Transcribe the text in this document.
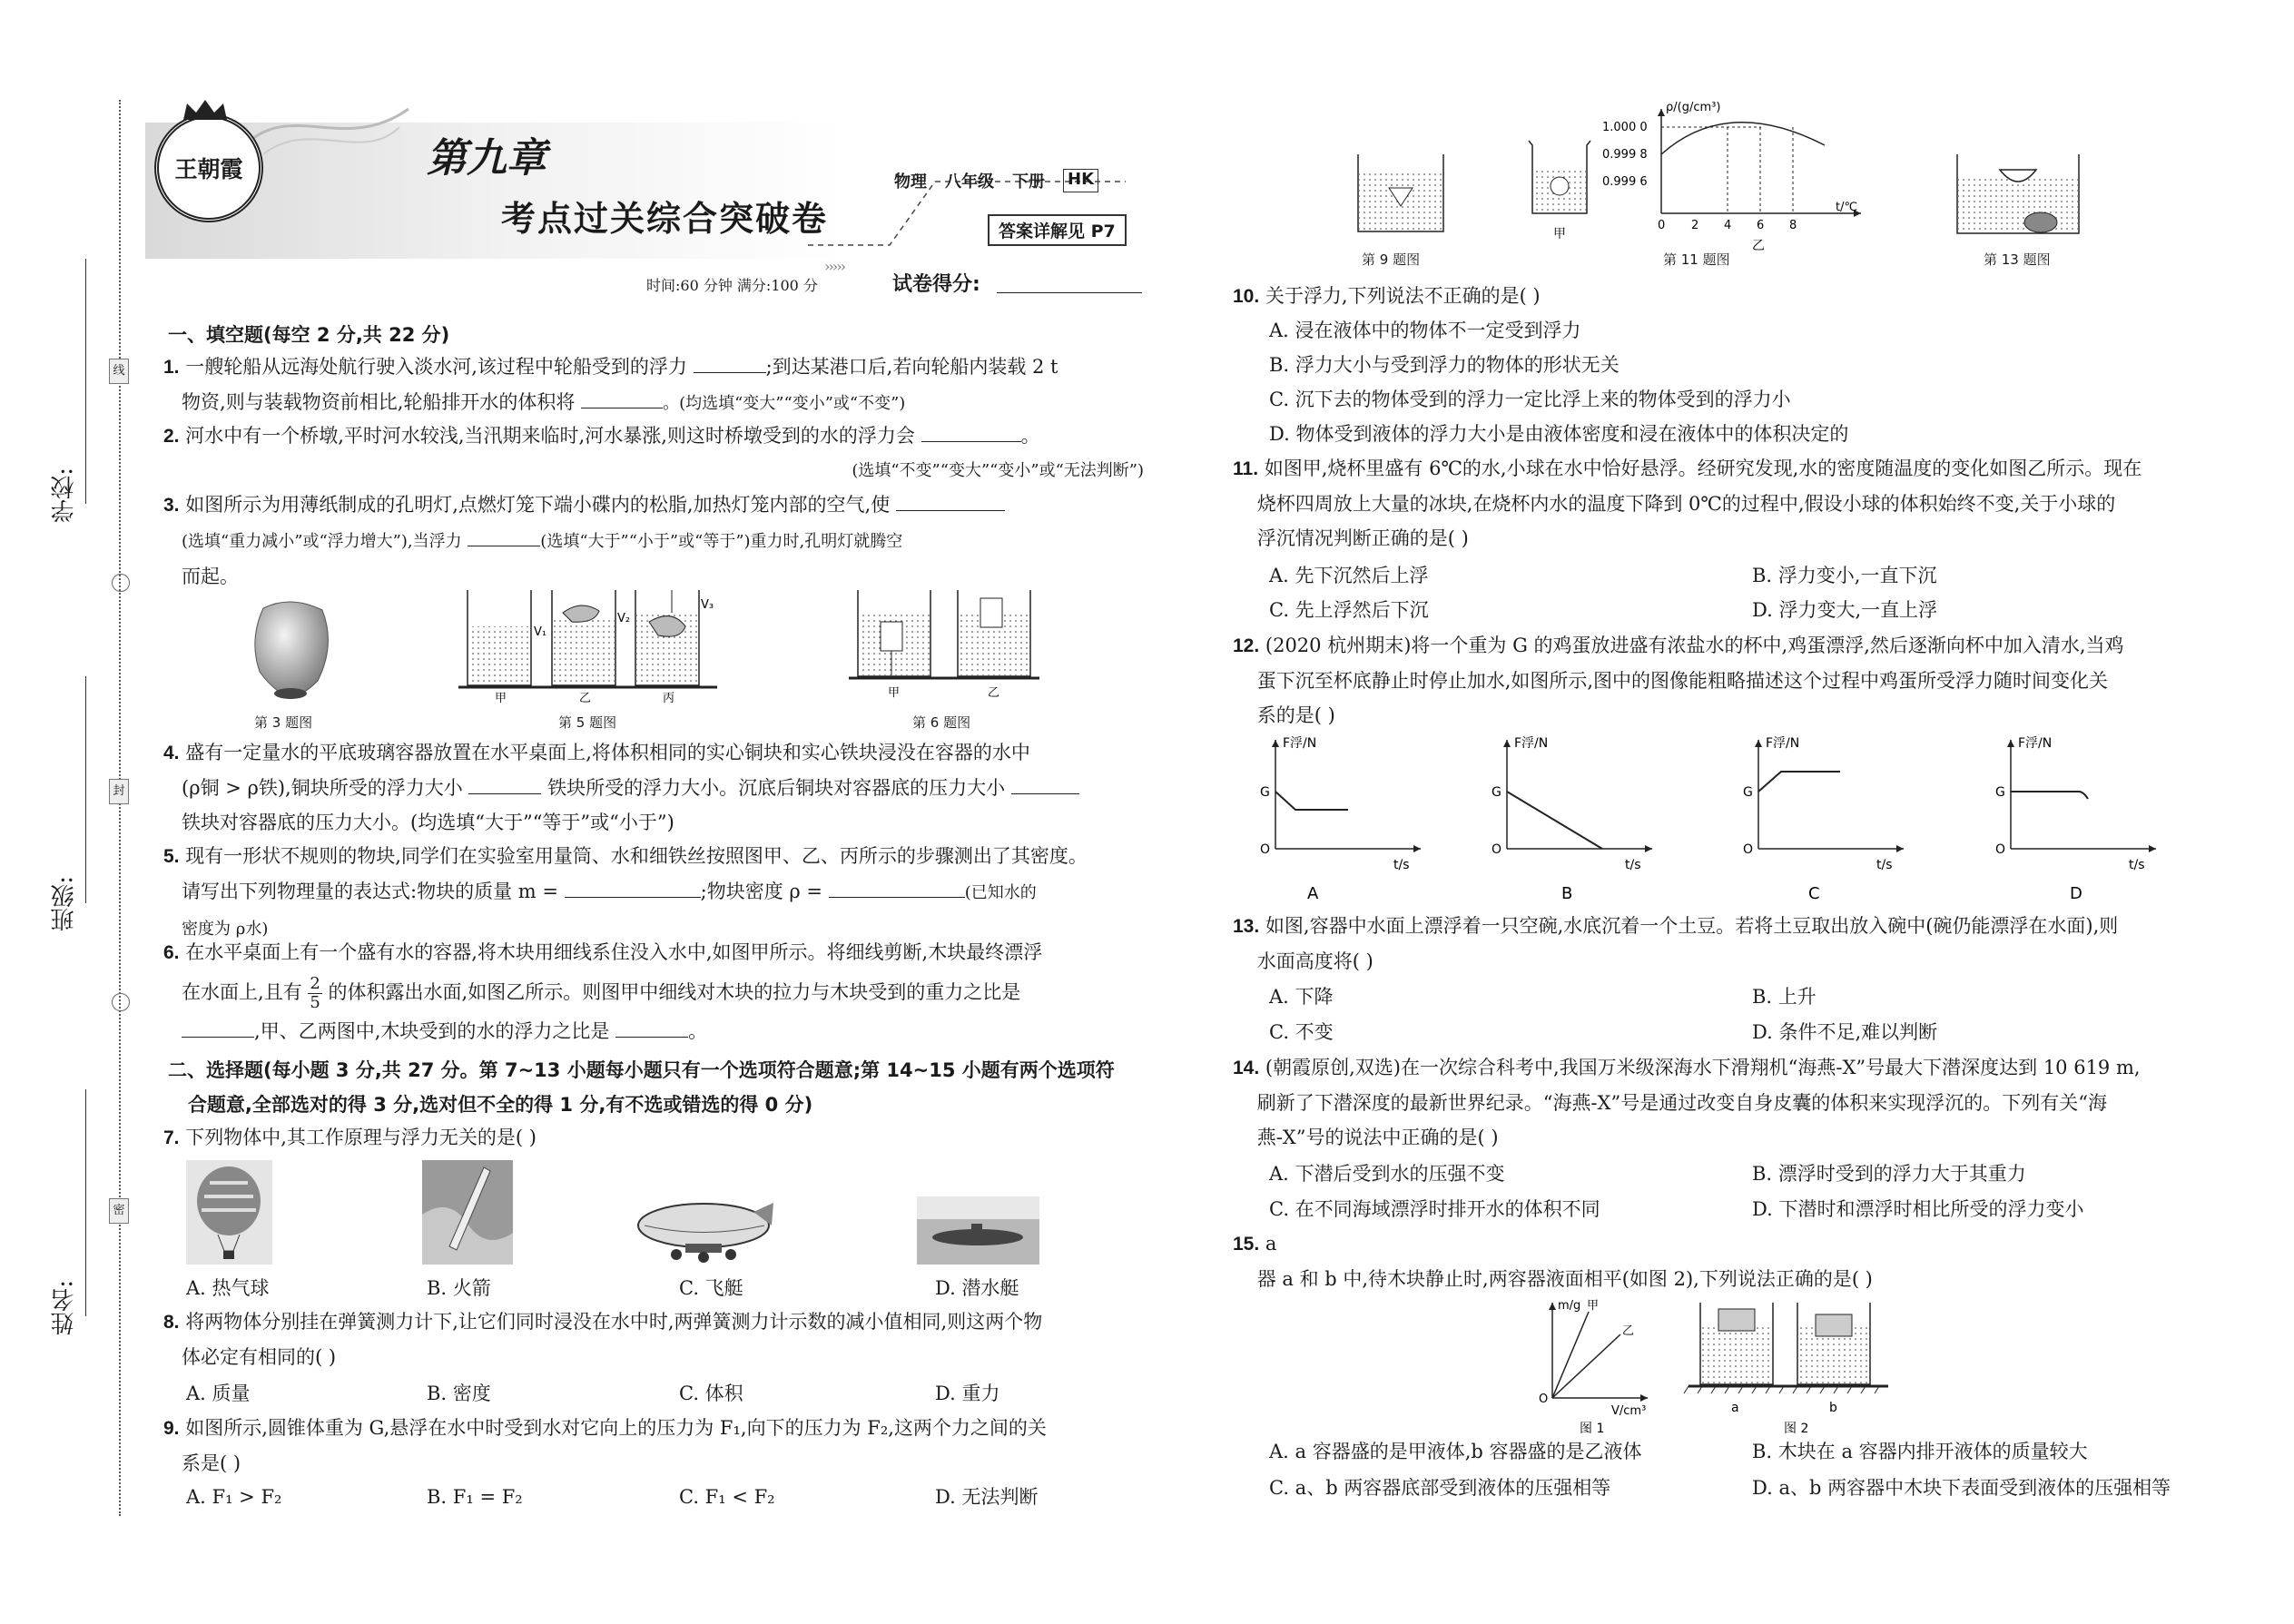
学校:
班级:
姓名:
线
封
密
王朝霞	第九章
考点过关综合突破卷
物理 八年级 下册 HK
答案详解见 P7
›››››
时间:60 分钟 满分:100 分	试卷得分:
一、填空题(每空 2 分,共 22 分)
1. 一艘轮船从远海处航行驶入淡水河,该过程中轮船受到的浮力	;到达某港口后,若向轮船内装载 2 t
物资,则与装载物资前相比,轮船排开水的体积将	。(均选填“变大”“变小”或“不变”)
2. 河水中有一个桥墩,平时河水较浅,当汛期来临时,河水暴涨,则这时桥墩受到的水的浮力会	。

(选填“不变”“变大”“变小”或“无法判断”)
3. 如图所示为用薄纸制成的孔明灯,点燃灯笼下端小碟内的松脂,加热灯笼内部的空气,使
(选填“重力减小”或“浮力增大”),当浮力	(选填“大于”“小于”或“等于”)重力时,孔明灯就腾空
而起。
第 3 题图
V₁
V₂
V₃
甲	乙	丙
第 5 题图
甲	乙
第 6 题图
4. 盛有一定量水的平底玻璃容器放置在水平桌面上,将体积相同的实心铜块和实心铁块浸没在容器的水中
(ρ铜 > ρ铁),铜块所受的浮力大小	铁块所受的浮力大小。沉底后铜块对容器底的压力大小
铁块对容器底的压力大小。(均选填“大于”“等于”或“小于”)
5. 现有一形状不规则的物块,同学们在实验室用量筒、水和细铁丝按照图甲、乙、丙所示的步骤测出了其密度。
请写出下列物理量的表达式:物块的质量 m =	;物块密度 ρ =	(已知水的
密度为 ρ水)
6. 在水平桌面上有一个盛有水的容器,将木块用细线系住没入水中,如图甲所示。将细线剪断,木块最终漂浮
在水面上,且有 $\frac{2}{5}$ 的体积露出水面,如图乙所示。则图甲中细线对木块的拉力与木块受到的重力之比是
,甲、乙两图中,木块受到的水的浮力之比是	。
二、选择题(每小题 3 分,共 27 分。第 7~13 小题每小题只有一个选项符合题意;第 14~15 小题有两个选项符
合题意,全部选对的得 3 分,选对但不全的得 1 分,有不选或错选的得 0 分)
7. 下列物体中,其工作原理与浮力无关的是( )
A. 热气球	B. 火箭	C. 飞艇	D. 潜水艇
8. 将两物体分别挂在弹簧测力计下,让它们同时浸没在水中时,两弹簧测力计示数的减小值相同,则这两个物
体必定有相同的( )
A. 质量	B. 密度	C. 体积	D. 重力
9. 如图所示,圆锥体重为 G,悬浮在水中时受到水对它向上的压力为 F₁,向下的压力为 F₂,这两个力之间的关
系是( )
A. F₁ > F₂	B. F₁ = F₂	C. F₁ < F₂	D. 无法判断
第 9 题图
甲
ρ/(g/cm³)
t/℃
1.000 0
0.999 8
0.999 6
0 2 4 6 8
乙
第 11 题图	第 13 题图
10. 关于浮力,下列说法不正确的是( )
A. 浸在液体中的物体不一定受到浮力
B. 浮力大小与受到浮力的物体的形状无关
C. 沉下去的物体受到的浮力一定比浮上来的物体受到的浮力小
D. 物体受到液体的浮力大小是由液体密度和浸在液体中的体积决定的
11. 如图甲,烧杯里盛有 6℃的水,小球在水中恰好悬浮。经研究发现,水的密度随温度的变化如图乙所示。现在
烧杯四周放上大量的冰块,在烧杯内水的温度下降到 0℃的过程中,假设小球的体积始终不变,关于小球的
浮沉情况判断正确的是( )
A. 先下沉然后上浮	B. 浮力变小,一直下沉
C. 先上浮然后下沉	D. 浮力变大,一直上浮
12. (2020 杭州期末)将一个重为 G 的鸡蛋放进盛有浓盐水的杯中,鸡蛋漂浮,然后逐渐向杯中加入清水,当鸡
蛋下沉至杯底静止时停止加水,如图所示,图中的图像能粗略描述这个过程中鸡蛋所受浮力随时间变化关
系的是( )
F浮/N
G
O
t/s
A
F浮/N
G
O
t/s
B
F浮/N
G
O
t/s
C
F浮/N
G
O
t/s
D
13. 如图,容器中水面上漂浮着一只空碗,水底沉着一个土豆。若将土豆取出放入碗中(碗仍能漂浮在水面),则
水面高度将( )
A. 下降	B. 上升
C. 不变	D. 条件不足,难以判断
14. (朝霞原创,双选)在一次综合科考中,我国万米级深海水下滑翔机“海燕-X”号最大下潜深度达到 10 619 m,
刷新了下潜深度的最新世界纪录。“海燕-X”号是通过改变自身皮囊的体积来实现浮沉的。下列有关“海
燕-X”号的说法中正确的是( )
A. 下潜后受到水的压强不变	B. 漂浮时受到的浮力大于其重力
C. 在不同海域漂浮时排开水的体积不同	D. 下潜时和漂浮时相比所受的浮力变小
15. a
器 a 和 b 中,待木块静止时,两容器液面相平(如图 2),下列说法正确的是( )
m/g 甲
乙
O
V/cm³
图 1
a	b
图 2
A. a 容器盛的是甲液体,b 容器盛的是乙液体	B. 木块在 a 容器内排开液体的质量较大
C. a、b 两容器底部受到液体的压强相等	D. a、b 两容器中木块下表面受到液体的压强相等
